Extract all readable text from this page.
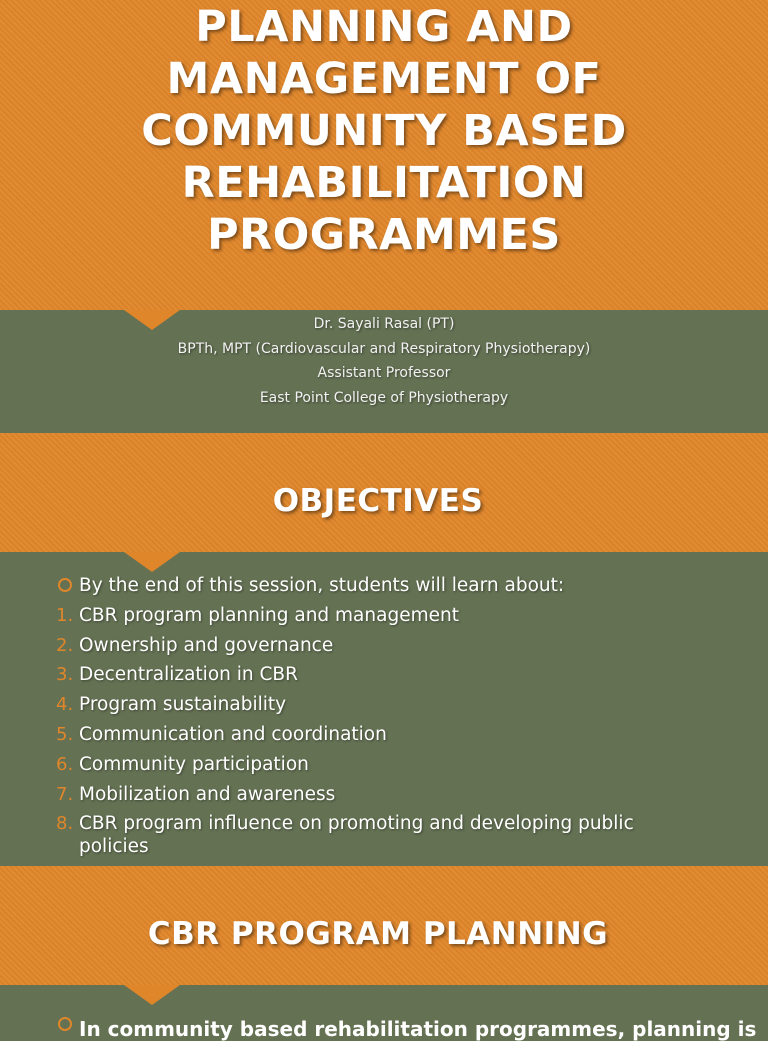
PLANNING AND MANAGEMENT OF COMMUNITY BASED REHABILITATION PROGRAMMES
Dr. Sayali Rasal (PT)
BPTh, MPT (Cardiovascular and Respiratory Physiotherapy)
Assistant Professor
East Point College of Physiotherapy
OBJECTIVES
By the end of this session, students will learn about:
1. CBR program planning and management
2. Ownership and governance
3. Decentralization in CBR
4. Program sustainability
5. Communication and coordination
6. Community participation
7. Mobilization and awareness
8. CBR program influence on promoting and developing public policies
CBR PROGRAM PLANNING
In community based rehabilitation programmes, planning is
